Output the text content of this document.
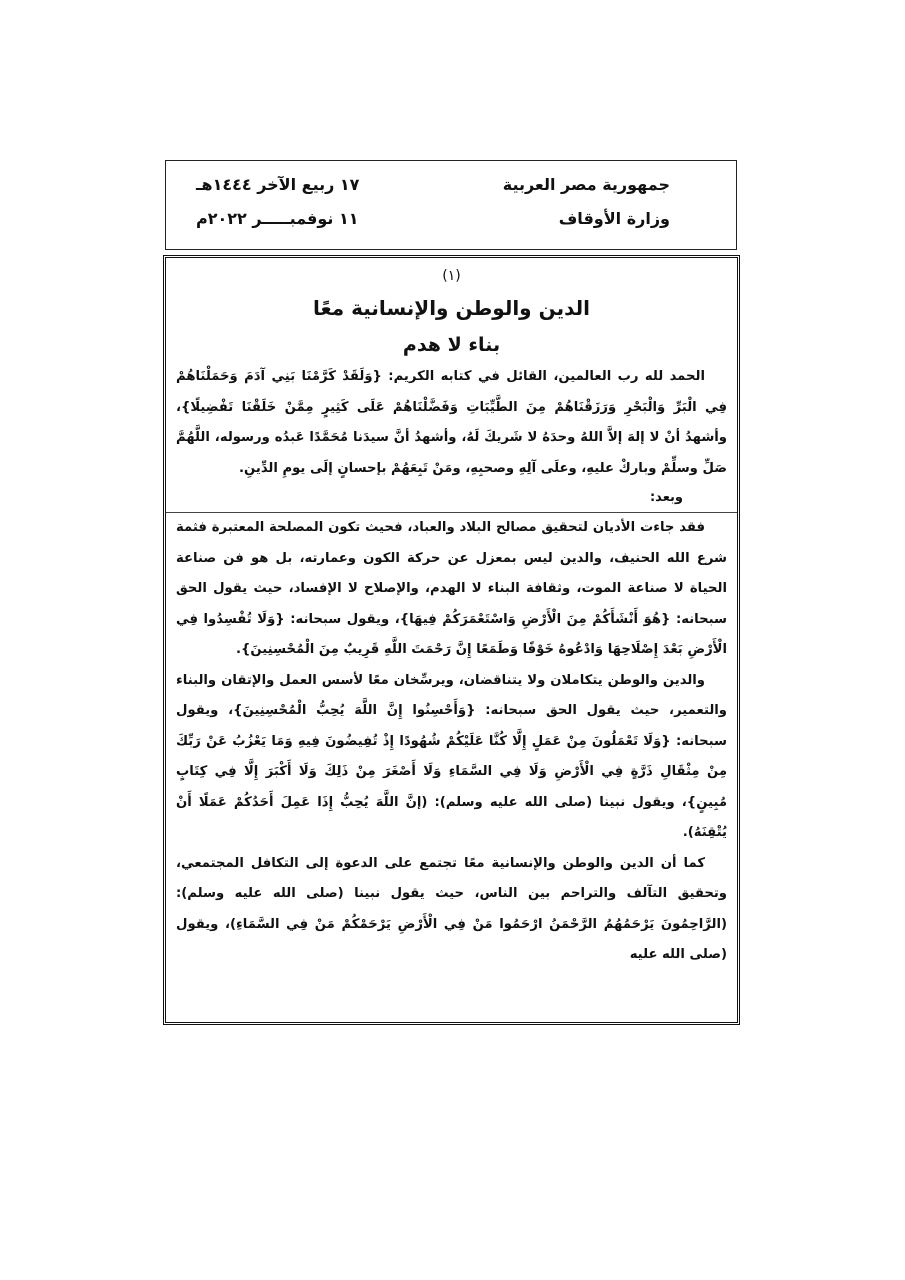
جمهورية مصر العربية
١٧ ربيع الآخر ١٤٤٤هـ
وزارة الأوقاف
١١ نوفمبـــــر ٢٠٢٢م
(١)
الدين والوطن والإنسانية معًا
بناء لا هدم

الحمد لله رب العالمين، القائل في كتابه الكريم: {وَلَقَدْ كَرَّمْنَا بَنِي آدَمَ وَحَمَلْنَاهُمْ فِي الْبَرِّ وَالْبَحْرِ وَرَزَقْنَاهُمْ مِنَ الطَّيِّبَاتِ وَفَضَّلْنَاهُمْ عَلَى كَثِيرٍ مِمَّنْ خَلَقْنَا تَفْضِيلًا}، وأشهدُ أنْ لا إلهَ إلاَّ اللهُ وحدَهُ لا شَريكَ لَهُ، وأشهدُ أنَّ سيدَنا مُحَمَّدًا عَبدُه ورسوله، اللَّهُمَّ صَلِّ وسلِّمْ وباركْ عليهِ، وعلَى آلِهِ وصحبِهِ، ومَنْ تَبِعَهُمْ بإحسانٍ إلَى يومِ الدِّينِ.

وبعد:

فقد جاءت الأديان لتحقيق مصالح البلاد والعباد، فحيث تكون المصلحة المعتبرة فثمة شرع الله الحنيف، والدين ليس بمعزل عن حركة الكون وعمارته، بل هو فن صناعة الحياة لا صناعة الموت، وثقافة البناء لا الهدم، والإصلاح لا الإفساد، حيث يقول الحق سبحانه: {هُوَ أَنْشَأَكُمْ مِنَ الْأَرْضِ وَاسْتَعْمَرَكُمْ فِيهَا}، ويقول سبحانه: {وَلَا تُفْسِدُوا فِي الْأَرْضِ بَعْدَ إِصْلَاحِهَا وَادْعُوهُ خَوْفًا وَطَمَعًا إِنَّ رَحْمَتَ اللَّهِ قَرِيبٌ مِنَ الْمُحْسِنِينَ}.

والدين والوطن يتكاملان ولا يتناقضان، ويرسِّخان معًا لأسس العمل والإتقان والبناء والتعمير، حيث يقول الحق سبحانه: {وَأَحْسِنُوا إِنَّ اللَّهَ يُحِبُّ الْمُحْسِنِينَ}، ويقول سبحانه: {وَلَا تَعْمَلُونَ مِنْ عَمَلٍ إِلَّا كُنَّا عَلَيْكُمْ شُهُودًا إِذْ تُفِيضُونَ فِيهِ وَمَا يَعْزُبُ عَنْ رَبِّكَ مِنْ مِثْقَالِ ذَرَّةٍ فِي الْأَرْضِ وَلَا فِي السَّمَاءِ وَلَا أَصْغَرَ مِنْ ذَلِكَ وَلَا أَكْبَرَ إِلَّا فِي كِتَابٍ مُبِينٍ}، ويقول نبينا (صلى الله عليه وسلم): (إنَّ اللَّهَ يُحِبُّ إِذَا عَمِلَ أَحَدُكُمْ عَمَلًا أَنْ يُتْقِنَهُ).

كما أن الدين والوطن والإنسانية معًا تجتمع على الدعوة إلى التكافل المجتمعي، وتحقيق التآلف والتراحم بين الناس، حيث يقول نبينا (صلى الله عليه وسلم): (الرَّاحِمُونَ يَرْحَمُهُمُ الرَّحْمَنُ ارْحَمُوا مَنْ فِي الْأَرْضِ يَرْحَمْكُمْ مَنْ فِي السَّمَاءِ)، ويقول (صلى الله عليه
